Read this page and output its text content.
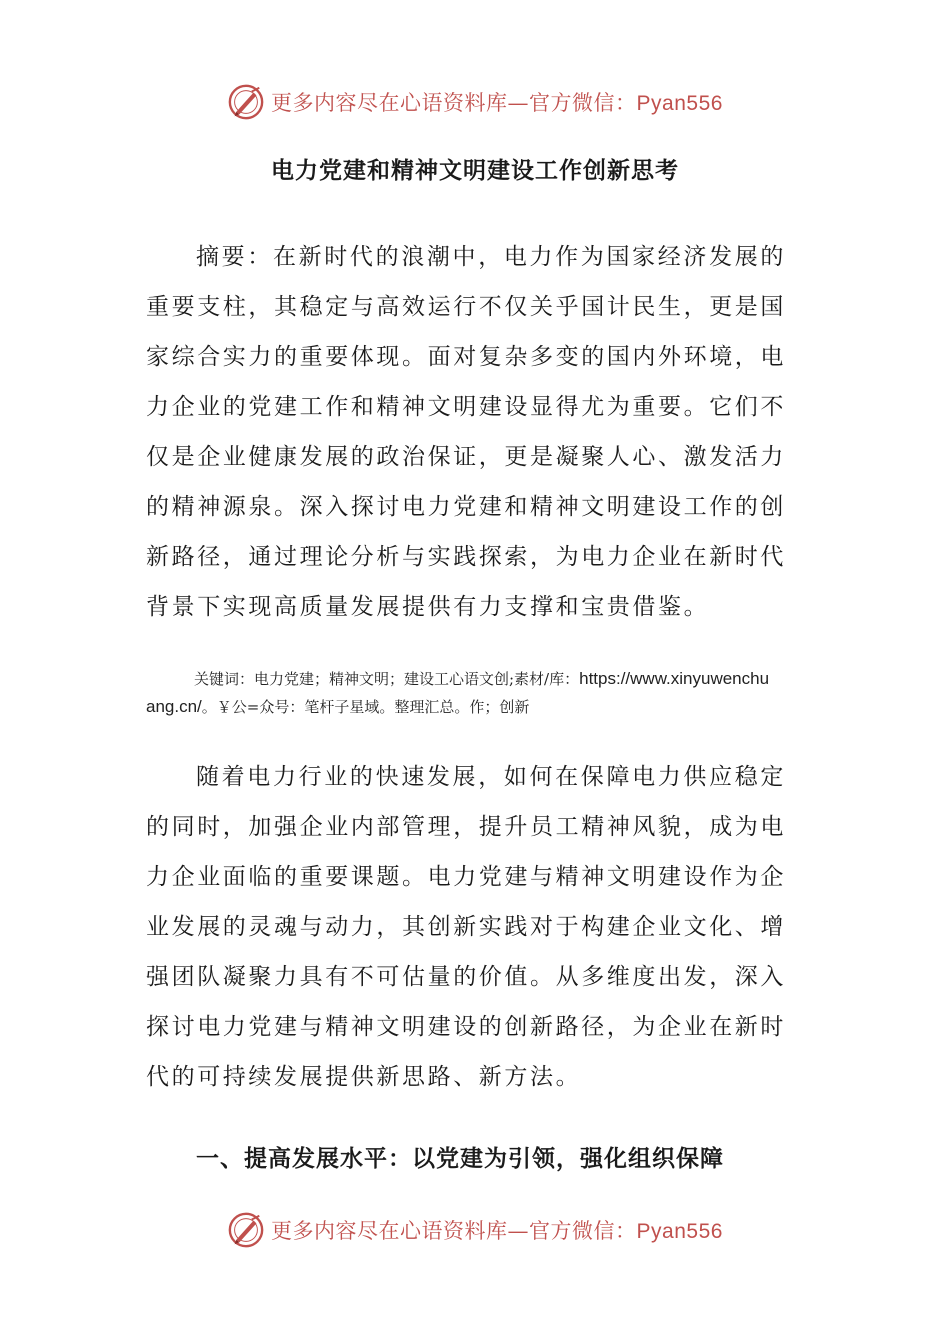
更多内容尽在心语资料库—官方微信：Pyan556
电力党建和精神文明建设工作创新思考

摘要：在新时代的浪潮中，电力作为国家经济发展的重要支柱，其稳定与高效运行不仅关乎国计民生，更是国家综合实力的重要体现。面对复杂多变的国内外环境，电力企业的党建工作和精神文明建设显得尤为重要。它们不仅是企业健康发展的政治保证，更是凝聚人心、激发活力的精神源泉。深入探讨电力党建和精神文明建设工作的创新路径，通过理论分析与实践探索，为电力企业在新时代背景下实现高质量发展提供有力支撑和宝贵借鉴。

关键词：电力党建；精神文明；建设工心语文创;素材/库：https://www.xinyuwenchuang.cn/。￥公=众号：笔杆子星域。整理汇总。作；创新

随着电力行业的快速发展，如何在保障电力供应稳定的同时，加强企业内部管理，提升员工精神风貌，成为电力企业面临的重要课题。电力党建与精神文明建设作为企业发展的灵魂与动力，其创新实践对于构建企业文化、增强团队凝聚力具有不可估量的价值。从多维度出发，深入探讨电力党建与精神文明建设的创新路径，为企业在新时代的可持续发展提供新思路、新方法。

一、提高发展水平：以党建为引领，强化组织保障
更多内容尽在心语资料库—官方微信：Pyan556
